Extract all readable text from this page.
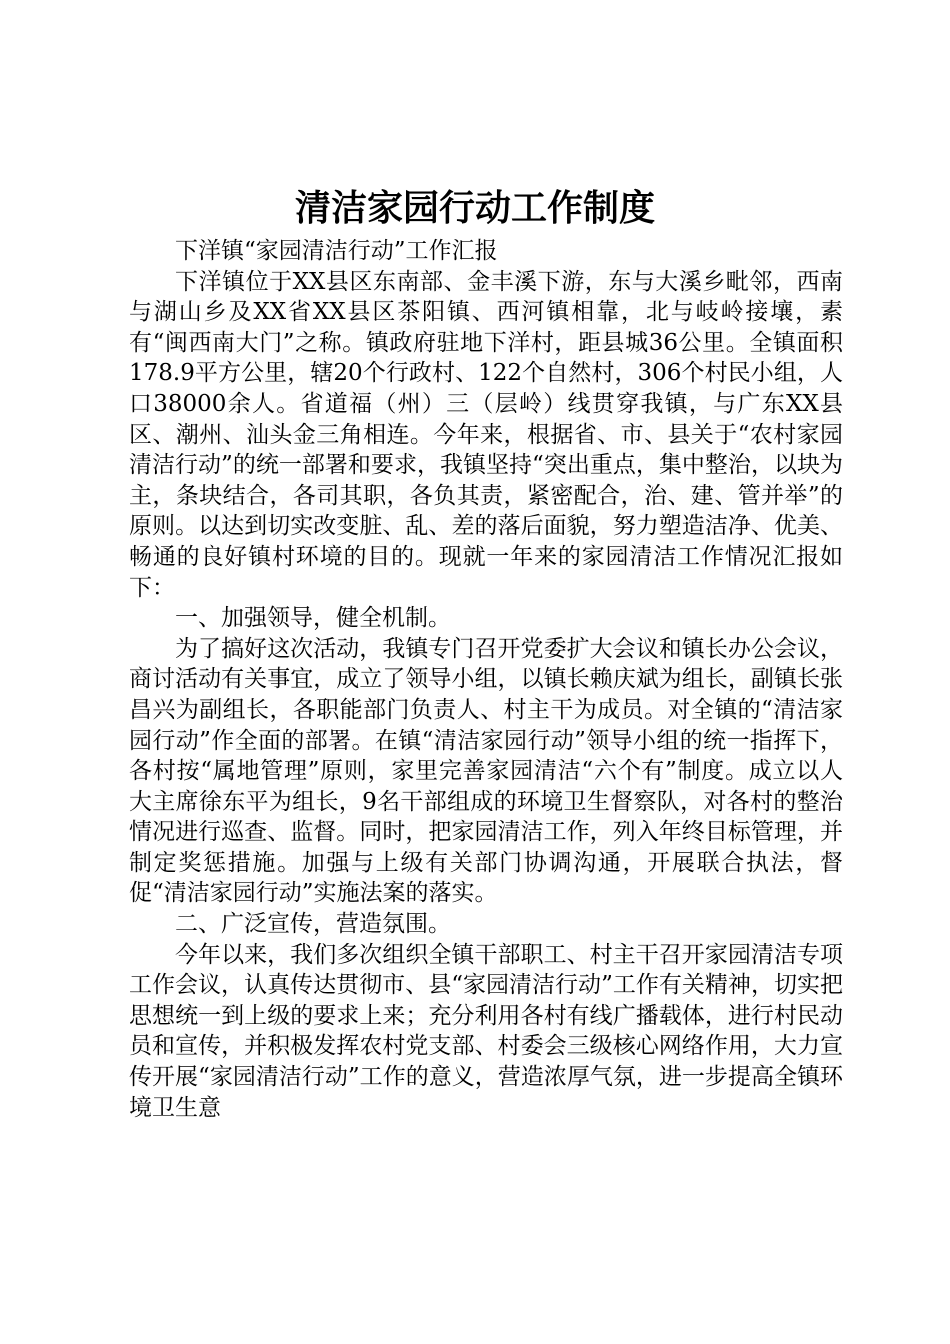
清洁家园行动工作制度

下洋镇“家园清洁行动”工作汇报

下洋镇位于XX县区东南部、金丰溪下游，东与大溪乡毗邻，西南与湖山乡及XX省XX县区茶阳镇、西河镇相靠，北与岐岭接壤，素有“闽西南大门”之称。镇政府驻地下洋村，距县城36公里。全镇面积178.9平方公里，辖20个行政村、122个自然村，306个村民小组，人口38000余人。省道福（州）三（层岭）线贯穿我镇，与广东XX县区、潮州、汕头金三角相连。今年来，根据省、市、县关于“农村家园清洁行动”的统一部署和要求，我镇坚持“突出重点，集中整治，以块为主，条块结合，各司其职，各负其责，紧密配合，治、建、管并举”的原则。以达到切实改变脏、乱、差的落后面貌，努力塑造洁净、优美、畅通的良好镇村环境的目的。现就一年来的家园清洁工作情况汇报如下：

一、加强领导，健全机制。

为了搞好这次活动，我镇专门召开党委扩大会议和镇长办公会议，商讨活动有关事宜，成立了领导小组，以镇长赖庆斌为组长，副镇长张昌兴为副组长，各职能部门负责人、村主干为成员。对全镇的“清洁家园行动”作全面的部署。在镇“清洁家园行动”领导小组的统一指挥下，各村按“属地管理”原则，家里完善家园清洁“六个有”制度。成立以人大主席徐东平为组长，9名干部组成的环境卫生督察队，对各村的整治情况进行巡查、监督。同时，把家园清洁工作，列入年终目标管理，并制定奖惩措施。加强与上级有关部门协调沟通，开展联合执法，督促“清洁家园行动”实施法案的落实。

二、广泛宣传，营造氛围。

今年以来，我们多次组织全镇干部职工、村主干召开家园清洁专项工作会议，认真传达贯彻市、县“家园清洁行动”工作有关精神，切实把思想统一到上级的要求上来；充分利用各村有线广播载体，进行村民动员和宣传，并积极发挥农村党支部、村委会三级核心网络作用，大力宣传开展“家园清洁行动”工作的意义，营造浓厚气氛，进一步提高全镇环境卫生意
